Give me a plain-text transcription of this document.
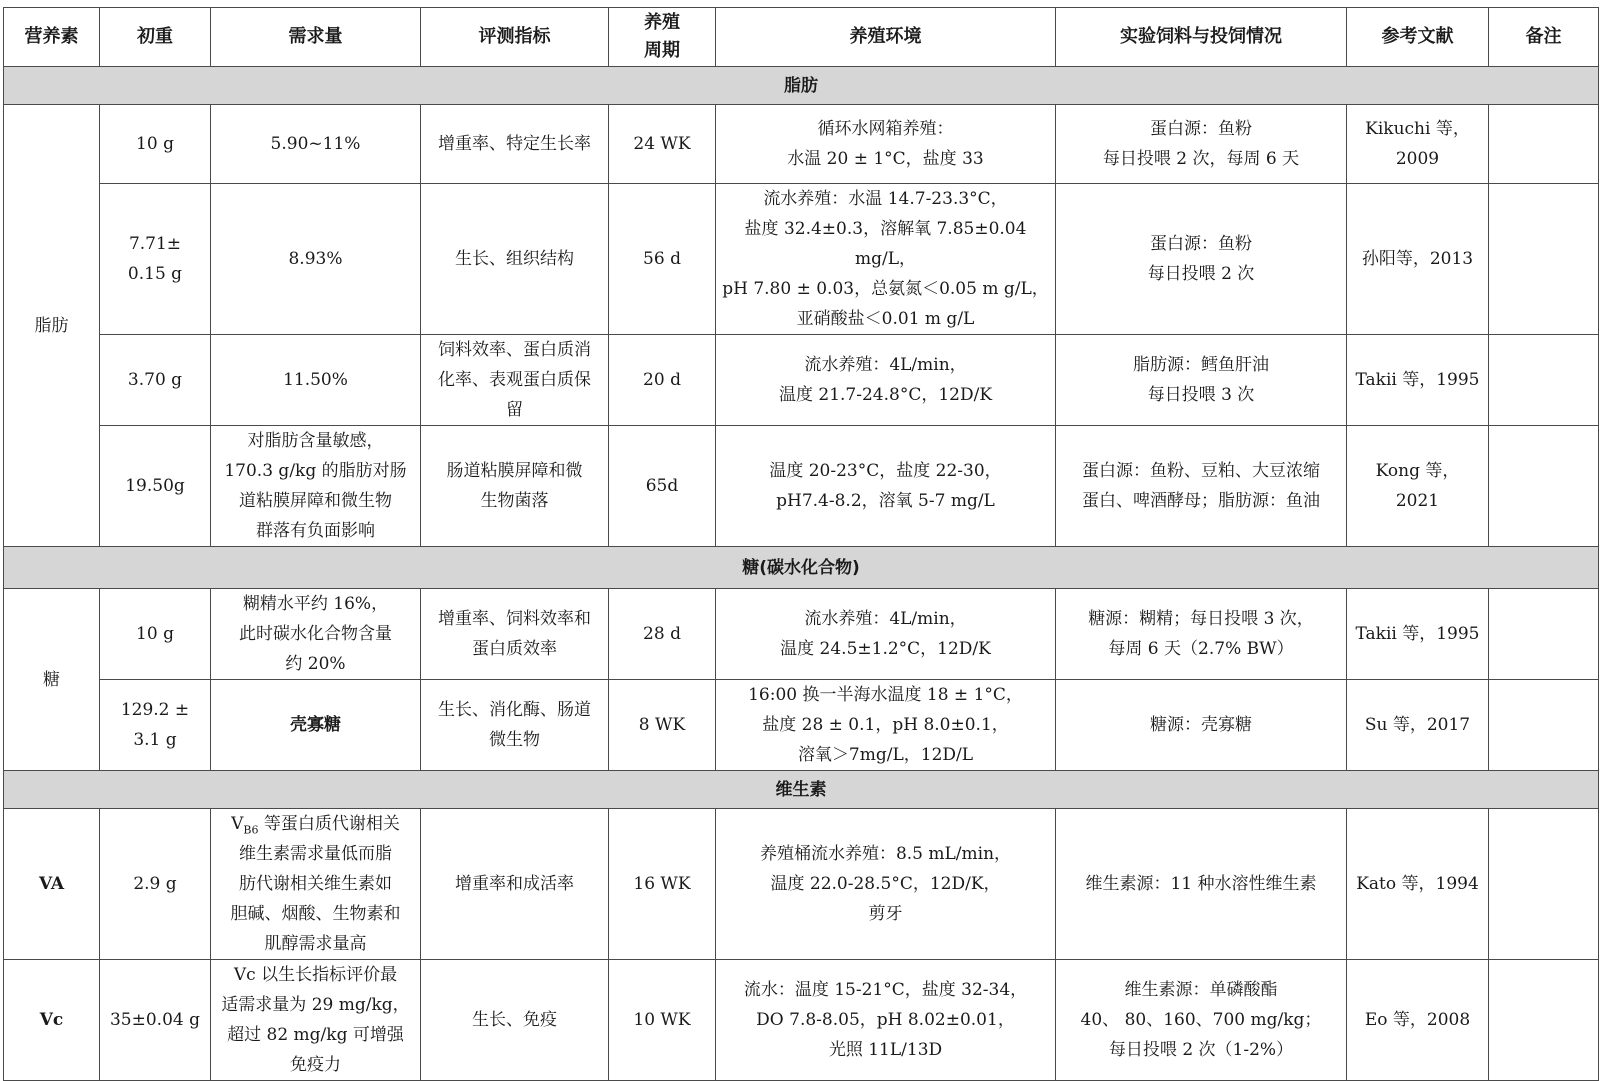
营养素	初重	需求量	评测指标	养殖
周期	养殖环境	实验饲料与投饲情况	参考文献	备注

脂肪								

脂肪	10 g	5.90~11%	增重率、特定生长率	24 WK	循环水网箱养殖：
水温 20 ± 1°C，盐度 33	蛋白源：鱼粉
每日投喂 2 次，每周 6 天	Kikuchi 等，
2009	

	7.71±
0.15 g	8.93%	生长、组织结构	56 d	流水养殖：水温 14.7-23.3°C，
盐度 32.4±0.3，溶解氧 7.85±0.04 mg/L，
pH 7.80 ± 0.03，总氨氮＜0.05 m g/L，
亚硝酸盐＜0.01 m g/L	蛋白源：鱼粉
每日投喂 2 次	孙阳等，2013	

	3.70 g	11.50%	饲料效率、蛋白质消
化率、表观蛋白质保
留	20 d	流水养殖：4L/min，
温度 21.7-24.8°C，12D/K	脂肪源：鳕鱼肝油
每日投喂 3 次	Takii 等，1995	

	19.50g	对脂肪含量敏感，
170.3 g/kg 的脂肪对肠
道粘膜屏障和微生物
群落有负面影响	肠道粘膜屏障和微
生物菌落	65d	温度 20-23°C，盐度 22-30，
pH7.4-8.2，溶氧 5-7 mg/L	蛋白源：鱼粉、豆粕、大豆浓缩
蛋白、啤酒酵母；脂肪源：鱼油	Kong 等，
2021	

糖(碳水化合物)								

糖	10 g	糊精水平约 16%，
此时碳水化合物含量
约 20%	增重率、饲料效率和
蛋白质效率	28 d	流水养殖：4L/min，
温度 24.5±1.2°C，12D/K	糖源：糊精；每日投喂 3 次，
每周 6 天（2.7% BW）	Takii 等，1995	

	129.2 ±
3.1 g	壳寡糖	生长、消化酶、肠道
微生物	8 WK	16:00 换一半海水温度 18 ± 1°C，
盐度 28 ± 0.1，pH 8.0±0.1，
溶氧＞7mg/L，12D/L	糖源：壳寡糖	Su 等，2017	

维生素								

VA	2.9 g	$V_{B6}$ 等蛋白质代谢相关
维生素需求量低而脂
肪代谢相关维生素如
胆碱、烟酸、生物素和
肌醇需求量高	增重率和成活率	16 WK	养殖桶流水养殖：8.5 mL/min，
温度 22.0-28.5°C，12D/K，
剪牙	维生素源：11 种水溶性维生素	Kato 等，1994	

Vc	35±0.04 g	Vc 以生长指标评价最
适需求量为 29 mg/kg，
超过 82 mg/kg 可增强
免疫力	生长、免疫	10 WK	流水：温度 15-21°C，盐度 32-34，
DO 7.8-8.05，pH 8.02±0.01，
光照 11L/13D	维生素源：单磷酸酯
40、 80、160、700 mg/kg；
每日投喂 2 次（1-2%）	Eo 等，2008	
